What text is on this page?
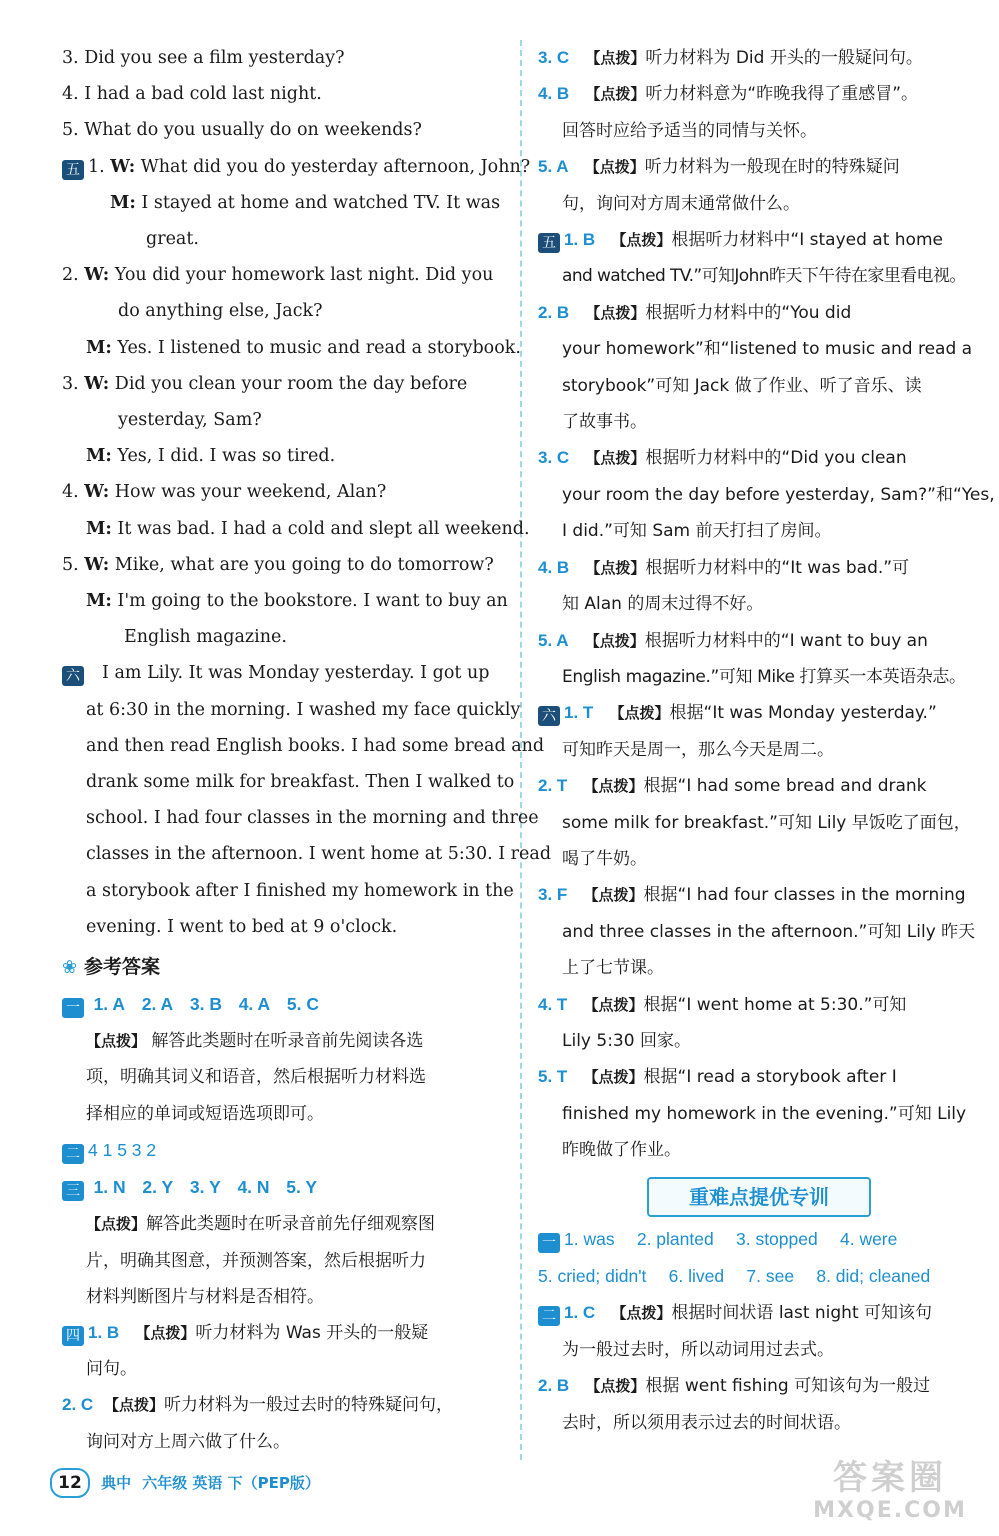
3. Did you see a film yesterday?
4. I had a bad cold last night.
5. What do you usually do on weekends?
五 1. W: What did you do yesterday afternoon, John?
M: I stayed at home and watched TV. It was
great.
2. W: You did your homework last night. Did you
do anything else, Jack?
M: Yes. I listened to music and read a storybook.
3. W: Did you clean your room the day before
yesterday, Sam?
M: Yes, I did. I was so tired.
4. W: How was your weekend, Alan?
M: It was bad. I had a cold and slept all weekend.
5. W: Mike, what are you going to do tomorrow?
M: I'm going to the bookstore. I want to buy an
English magazine.
六 I am Lily. It was Monday yesterday. I got up
at 6:30 in the morning. I washed my face quickly
and then read English books. I had some bread and
drank some milk for breakfast. Then I walked to
school. I had four classes in the morning and three
classes in the afternoon. I went home at 5:30. I read
a storybook after I finished my homework in the
evening. I went to bed at 9 o'clock.
❀ 参考答案
一 1. A 2. A 3. B 4. A 5. C
【点拨】 解答此类题时在听录音前先阅读各选
项，明确其词义和语音，然后根据听力材料选
择相应的单词或短语选项即可。
二 4 1 5 3 2
三 1. N 2. Y 3. Y 4. N 5. Y
【点拨】解答此类题时在听录音前先仔细观察图
片，明确其图意，并预测答案，然后根据听力
材料判断图片与材料是否相符。
四 1. B 【点拨】听力材料为 Was 开头的一般疑
问句。
2. C 【点拨】听力材料为一般过去时的特殊疑问句，
询问对方上周六做了什么。
3. C 【点拨】听力材料为 Did 开头的一般疑问句。
4. B 【点拨】听力材料意为“昨晚我得了重感冒”。
回答时应给予适当的同情与关怀。
5. A 【点拨】听力材料为一般现在时的特殊疑问
句，询问对方周末通常做什么。
五 1. B 【点拨】根据听力材料中“I stayed at home
and watched TV.”可知John昨天下午待在家里看电视。
2. B 【点拨】根据听力材料中的“You did
your homework”和“listened to music and read a
storybook”可知 Jack 做了作业、听了音乐、读
了故事书。
3. C 【点拨】根据听力材料中的“Did you clean
your room the day before yesterday, Sam?”和“Yes,
I did.”可知 Sam 前天打扫了房间。
4. B 【点拨】根据听力材料中的“It was bad.”可
知 Alan 的周末过得不好。
5. A 【点拨】根据听力材料中的“I want to buy an
English magazine.”可知 Mike 打算买一本英语杂志。
六 1. T 【点拨】根据“It was Monday yesterday.”
可知昨天是周一，那么今天是周二。
2. T 【点拨】根据“I had some bread and drank
some milk for breakfast.”可知 Lily 早饭吃了面包，
喝了牛奶。
3. F 【点拨】根据“I had four classes in the morning
and three classes in the afternoon.”可知 Lily 昨天
上了七节课。
4. T 【点拨】根据“I went home at 5:30.”可知
Lily 5:30 回家。
5. T 【点拨】根据“I read a storybook after I
finished my homework in the evening.”可知 Lily
昨晚做了作业。
重难点提优专训
一 1. was 2. planted 3. stopped 4. were
5. cried; didn't 6. lived 7. see 8. did; cleaned
二 1. C 【点拨】根据时间状语 last night 可知该句
为一般过去时，所以动词用过去式。
2. B 【点拨】根据 went fishing 可知该句为一般过
去时，所以须用表示过去的时间状语。
12 典中 六年级 英语 下（PEP版）	答案圈
MXQE.COM
